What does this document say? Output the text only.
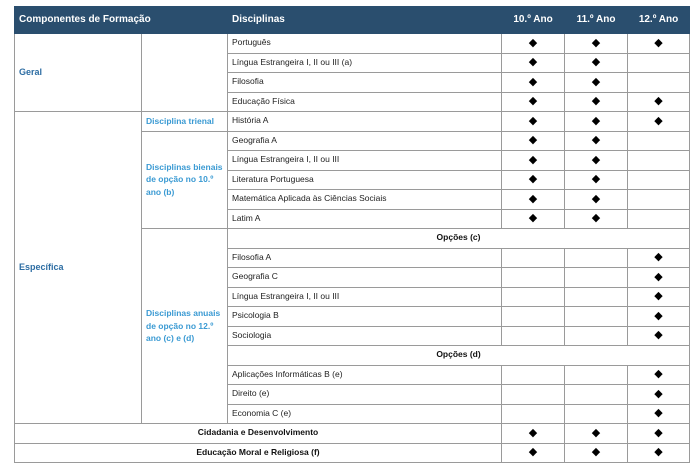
Componentes de Formação		Disciplinas	10.º Ano	11.º Ano	12.º Ano
Geral		Português	◆	◆	◆
		Língua Estrangeira I, II ou III (a)	◆	◆	
		Filosofia	◆	◆	
		Educação Física	◆	◆	◆
Específica	Disciplina trienal	História A	◆	◆	◆
	Disciplinas bienais de opção no 10.º ano (b)	Geografia A	◆	◆	
		Língua Estrangeira I, II ou III	◆	◆	
		Literatura Portuguesa	◆	◆	
		Matemática Aplicada às Ciências Sociais	◆	◆	
		Latim A	◆	◆	
	Disciplinas anuais de opção no 12.º ano (c) e (d)	Opções (c)			
		Filosofia A			◆
		Geografia C			◆
		Língua Estrangeira I, II ou III			◆
		Psicologia B			◆
		Sociologia			◆
		Opções (d)			
		Aplicações Informáticas B (e)			◆
		Direito (e)			◆
		Economia C (e)			◆
Cidadania e Desenvolvimento			◆	◆	◆
Educação Moral e Religiosa (f)			◆	◆	◆
